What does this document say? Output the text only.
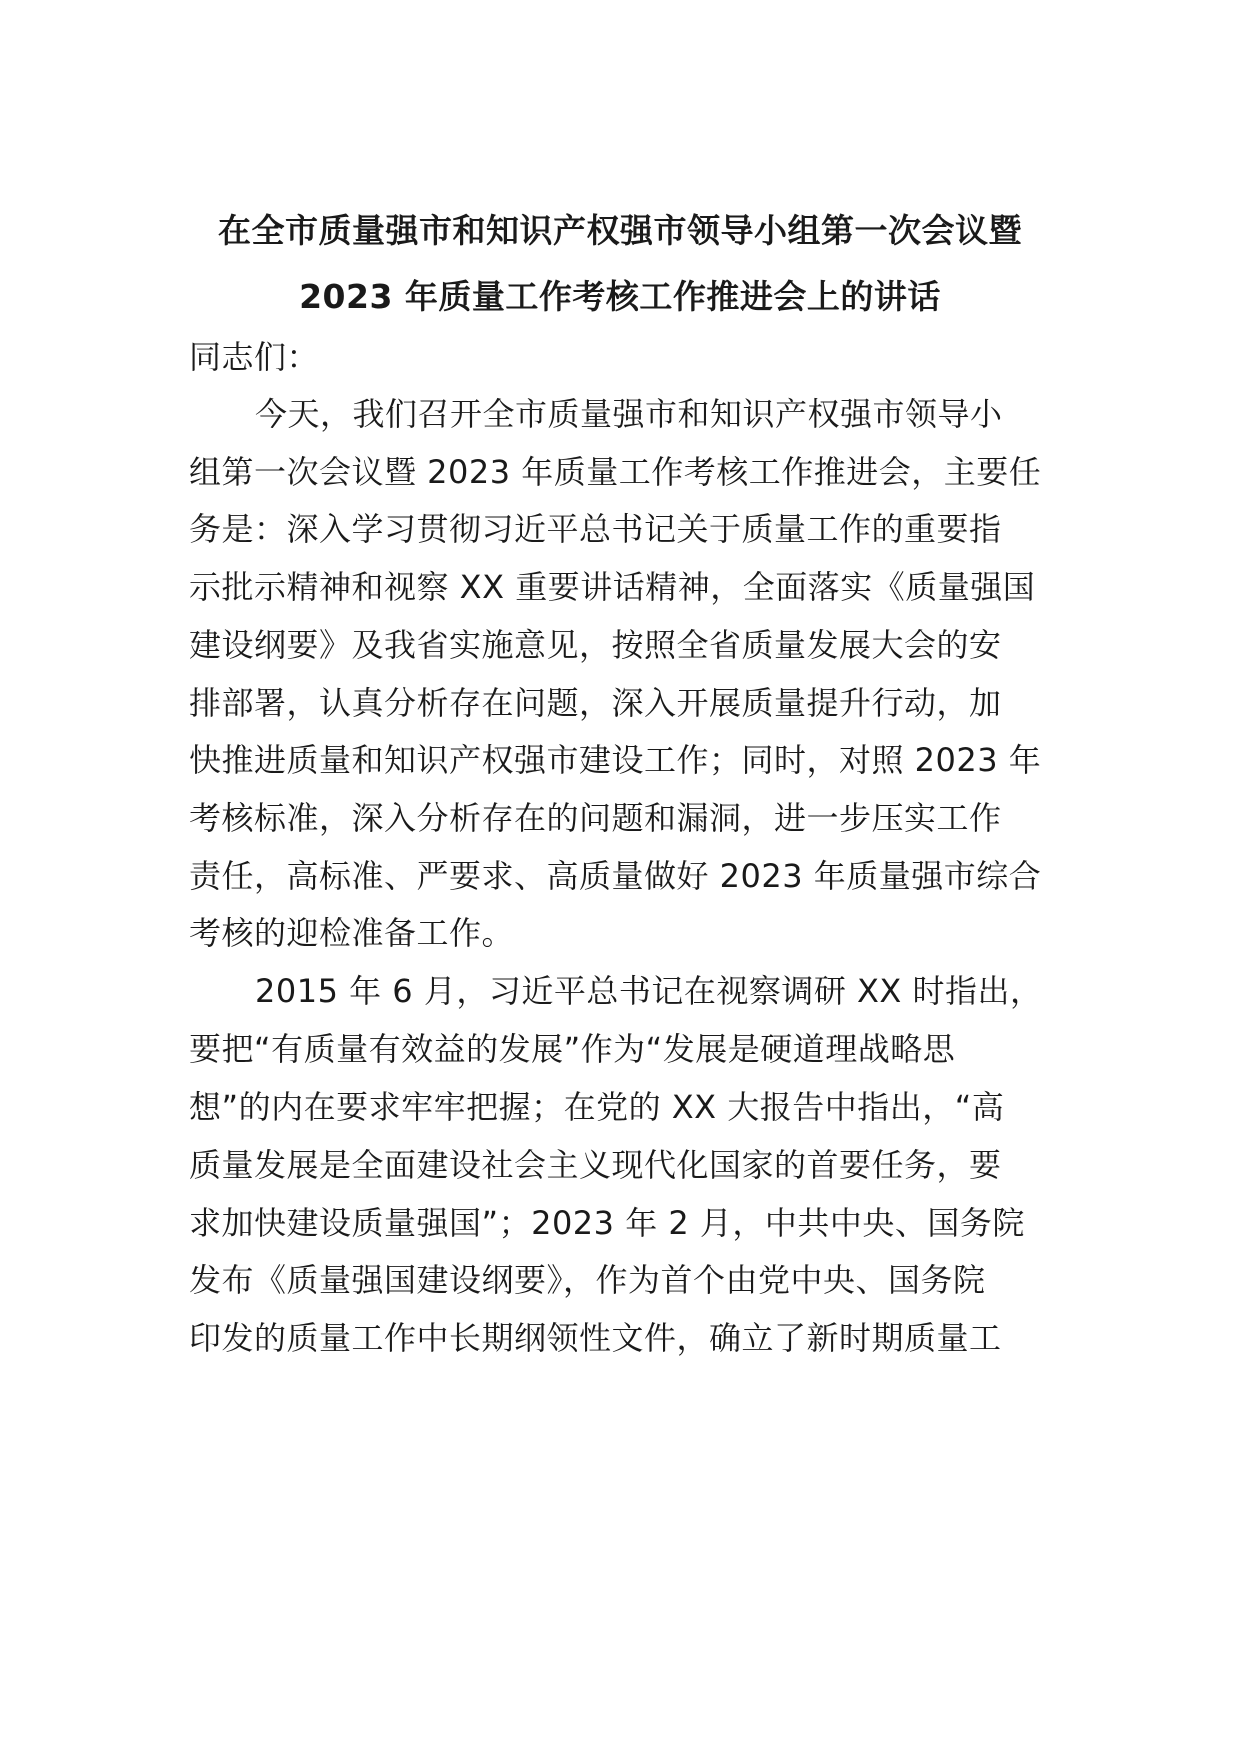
在全市质量强市和知识产权强市领导小组第一次会议暨
2023 年质量工作考核工作推进会上的讲话
同志们：
今天，我们召开全市质量强市和知识产权强市领导小
组第一次会议暨 2023 年质量工作考核工作推进会，主要任
务是：深入学习贯彻习近平总书记关于质量工作的重要指
示批示精神和视察 XX 重要讲话精神，全面落实《质量强国
建设纲要》及我省实施意见，按照全省质量发展大会的安
排部署，认真分析存在问题，深入开展质量提升行动，加
快推进质量和知识产权强市建设工作；同时，对照 2023 年
考核标准，深入分析存在的问题和漏洞，进一步压实工作
责任，高标准、严要求、高质量做好 2023 年质量强市综合
考核的迎检准备工作。
2015 年 6 月，习近平总书记在视察调研 XX 时指出，
要把“有质量有效益的发展”作为“发展是硬道理战略思
想”的内在要求牢牢把握；在党的 XX 大报告中指出，“高
质量发展是全面建设社会主义现代化国家的首要任务，要
求加快建设质量强国”；2023 年 2 月，中共中央、国务院
发布《质量强国建设纲要》，作为首个由党中央、国务院
印发的质量工作中长期纲领性文件，确立了新时期质量工
